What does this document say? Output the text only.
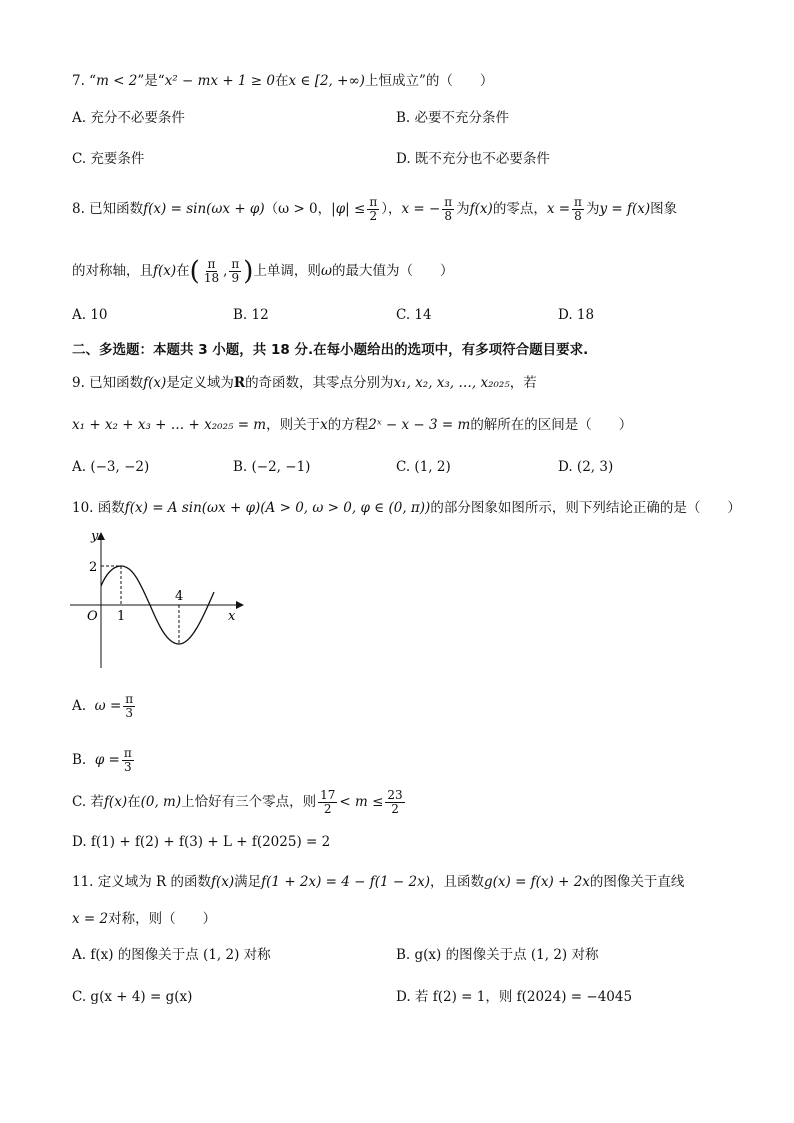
7. “m < 2”是“x² − mx + 1 ≥ 0在x ∈ [2, +∞)上恒成立”的（　　）
A. 充分不必要条件	B. 必要不充分条件
C. 充要条件	D. 既不充分也不必要条件
8. 已知函数f(x) = sin(ωx + φ)（ω > 0，$|\varphi| \le \frac{\pi}{2}$ ），x = − $\frac{\pi}{8}$ 为f(x)的零点，$x = \frac{\pi}{8}$ 为y = f(x)图象
的对称轴，且f(x)在( $\frac{\pi}{18}$ , $\frac{\pi}{9}$ )上单调，则ω的最大值为（　　）
A. 10	B. 12	C. 14	D. 18
二、多选题：本题共 3 小题，共 18 分.在每小题给出的选项中，有多项符合题目要求.
9. 已知函数f(x)是定义域为R的奇函数，其零点分别为x₁, x₂, x₃, …, x₂₀₂₅，若
x₁ + x₂ + x₃ + … + x₂₀₂₅ = m，则关于x的方程2ˣ − x − 3 = m的解所在的区间是（　　）
A. (−3, −2)	B. (−2, −1)	C. (1, 2)	D. (2, 3)
10. 函数f(x) = A sin(ωx + φ)(A > 0, ω > 0, φ ∈ (0, π))的部分图象如图所示，则下列结论正确的是（　　）
y
x
O
2
1
4
A. $\omega = \frac{\pi}{3}$
B. $\varphi = \frac{\pi}{3}$
C. 若f(x)在(0, m)上恰好有三个零点，则 $\frac{17}{2} < m \le \frac{23}{2}$
D. f(1) + f(2) + f(3) + L + f(2025) = 2
11. 定义域为 R 的函数f(x)满足f(1 + 2x) = 4 − f(1 − 2x)，且函数g(x) = f(x) + 2x的图像关于直线
x = 2对称，则（　　）
A. f(x) 的图像关于点 (1, 2) 对称	B. g(x) 的图像关于点 (1, 2) 对称
C. g(x + 4) = g(x)	D. 若 f(2) = 1，则 f(2024) = −4045
